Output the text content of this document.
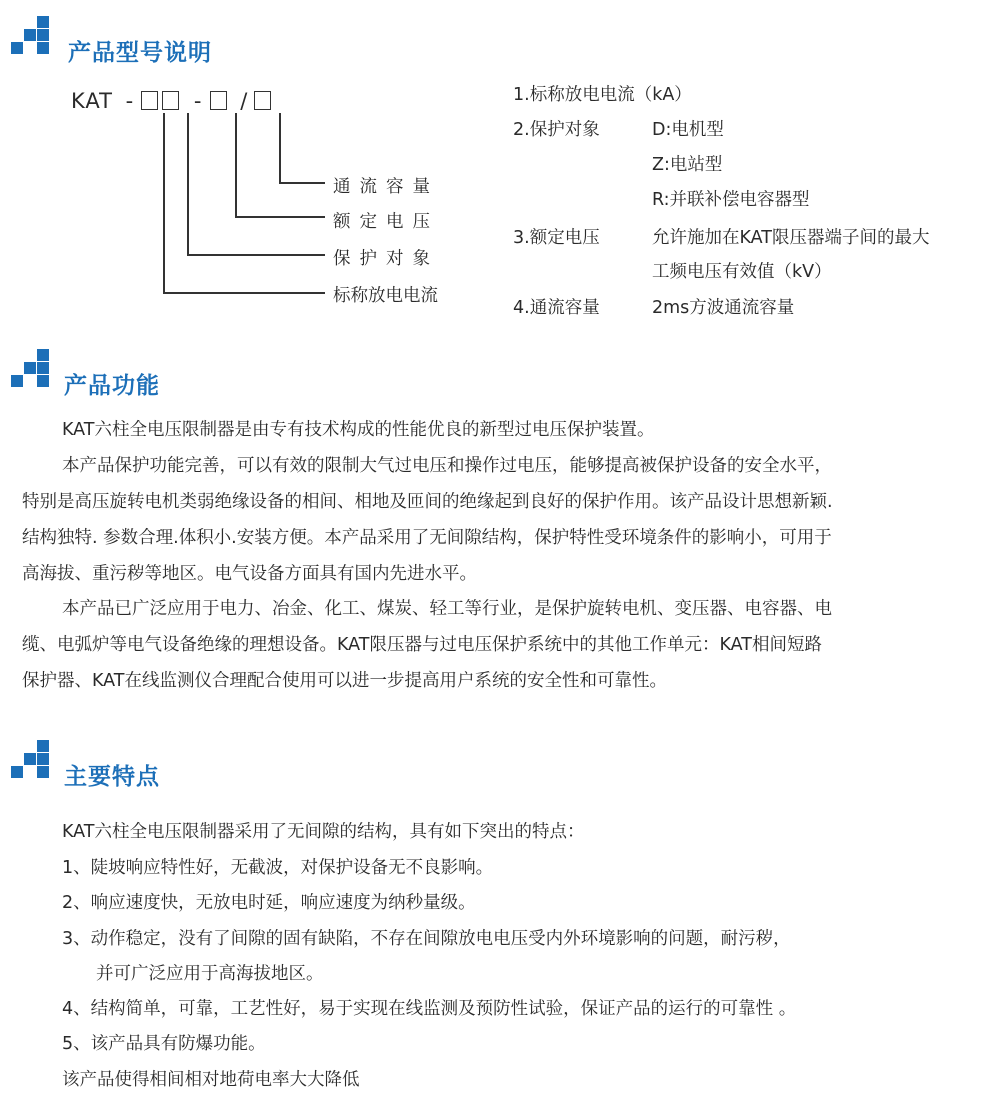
产品型号说明
KAT -	- /
通流容量
额定电压
保护对象
标称放电电流
1.标称放电电流（kA）
2.保护对象	D:电机型
Z:电站型
R:并联补偿电容器型
3.额定电压	允许施加在KAT限压器端子间的最大
工频电压有效值（kV）
4.通流容量	2ms方波通流容量
产品功能
KAT六柱全电压限制器是由专有技术构成的性能优良的新型过电压保护装置。
本产品保护功能完善，可以有效的限制大气过电压和操作过电压，能够提高被保护设备的安全水平，
特别是高压旋转电机类弱绝缘设备的相间、相地及匝间的绝缘起到良好的保护作用。该产品设计思想新颖.
结构独特. 参数合理.体积小.安装方便。本产品采用了无间隙结构，保护特性受环境条件的影响小，可用于
高海拔、重污秽等地区。电气设备方面具有国内先进水平。
本产品已广泛应用于电力、冶金、化工、煤炭、轻工等行业，是保护旋转电机、变压器、电容器、电
缆、电弧炉等电气设备绝缘的理想设备。KAT限压器与过电压保护系统中的其他工作单元：KAT相间短路
保护器、KAT在线监测仪合理配合使用可以进一步提高用户系统的安全性和可靠性。
主要特点
KAT六柱全电压限制器采用了无间隙的结构，具有如下突出的特点：
1、陡坡响应特性好，无截波，对保护设备无不良影响。
2、响应速度快，无放电时延，响应速度为纳秒量级。
3、动作稳定，没有了间隙的固有缺陷，不存在间隙放电电压受内外环境影响的问题，耐污秽，
并可广泛应用于高海拔地区。
4、结构简单，可靠，工艺性好，易于实现在线监测及预防性试验，保证产品的运行的可靠性 。
5、该产品具有防爆功能。
该产品使得相间相对地荷电率大大降低
